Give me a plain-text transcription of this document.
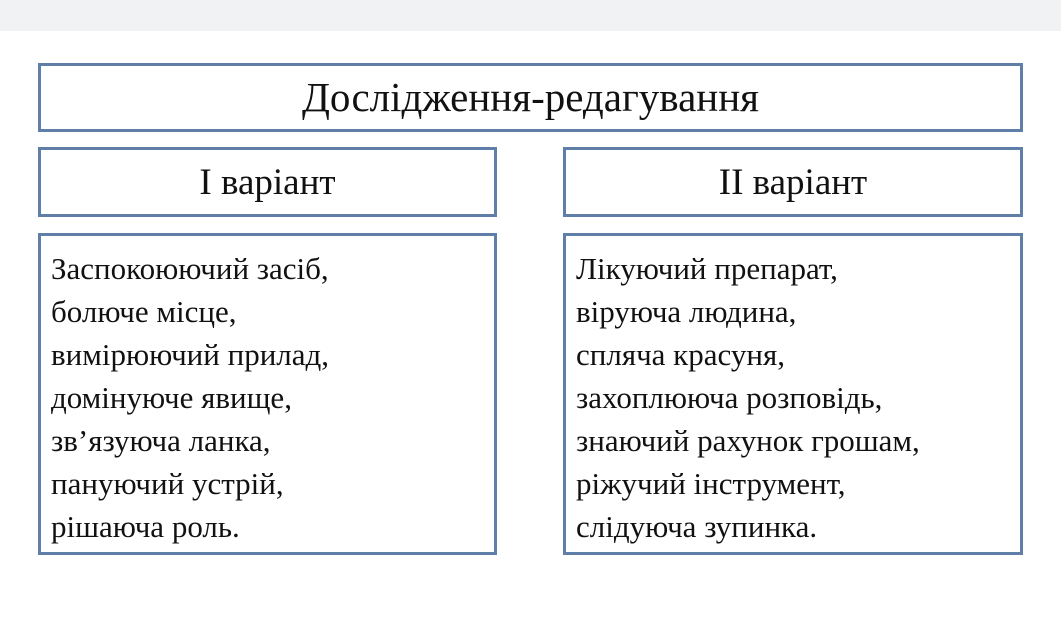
Дослідження-редагування
І варіант	ІІ варіант
Заспокоюючий засіб,
болюче місце,
вимірюючий прилад,
домінуюче явище,
зв’язуюча ланка,
пануючий устрій,
рішаюча роль.
Лікуючий препарат,
віруюча людина,
спляча красуня,
захоплююча розповідь,
знаючий рахунок грошам,
ріжучий інструмент,
слідуюча зупинка.
